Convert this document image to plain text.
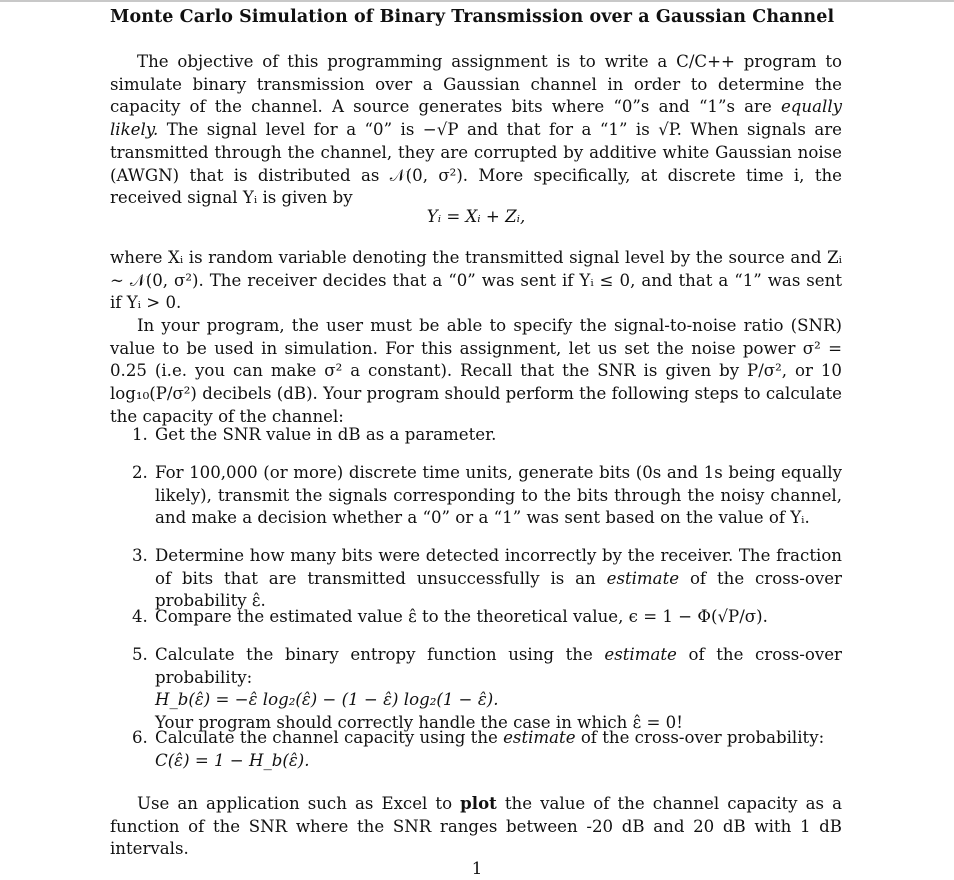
Monte Carlo Simulation of Binary Transmission over a Gaussian Channel
The objective of this programming assignment is to write a C/C++ program to simulate binary transmission over a Gaussian channel in order to determine the capacity of the channel. A source generates bits where “0”s and “1”s are equally likely. The signal level for a “0” is −√P and that for a “1” is √P. When signals are transmitted through the channel, they are corrupted by additive white Gaussian noise (AWGN) that is distributed as 𝒩(0, σ²). More specifically, at discrete time i, the received signal Yᵢ is given by
Yᵢ = Xᵢ + Zᵢ,
where Xᵢ is random variable denoting the transmitted signal level by the source and Zᵢ ∼ 𝒩(0, σ²). The receiver decides that a “0” was sent if Yᵢ ≤ 0, and that a “1” was sent if Yᵢ > 0.
In your program, the user must be able to specify the signal-to-noise ratio (SNR) value to be used in simulation. For this assignment, let us set the noise power σ² = 0.25 (i.e. you can make σ² a constant). Recall that the SNR is given by P/σ², or 10 log₁₀(P/σ²) decibels (dB). Your program should perform the following steps to calculate the capacity of the channel:
1. Get the SNR value in dB as a parameter.
2. For 100,000 (or more) discrete time units, generate bits (0s and 1s being equally likely), transmit the signals corresponding to the bits through the noisy channel, and make a decision whether a “0” or a “1” was sent based on the value of Yᵢ.
3. Determine how many bits were detected incorrectly by the receiver. The fraction of bits that are transmitted unsuccessfully is an estimate of the cross-over probability ε̂.
4. Compare the estimated value ε̂ to the theoretical value, ϵ = 1 − Φ(√P/σ).
5. Calculate the binary entropy function using the estimate of the cross-over probability:
H_b(ε̂) = −ε̂ log₂(ε̂) − (1 − ε̂) log₂(1 − ε̂).
Your program should correctly handle the case in which ε̂ = 0!
6. Calculate the channel capacity using the estimate of the cross-over probability:
C(ε̂) = 1 − H_b(ε̂).
Use an application such as Excel to plot the value of the channel capacity as a function of the SNR where the SNR ranges between -20 dB and 20 dB with 1 dB intervals.
1
